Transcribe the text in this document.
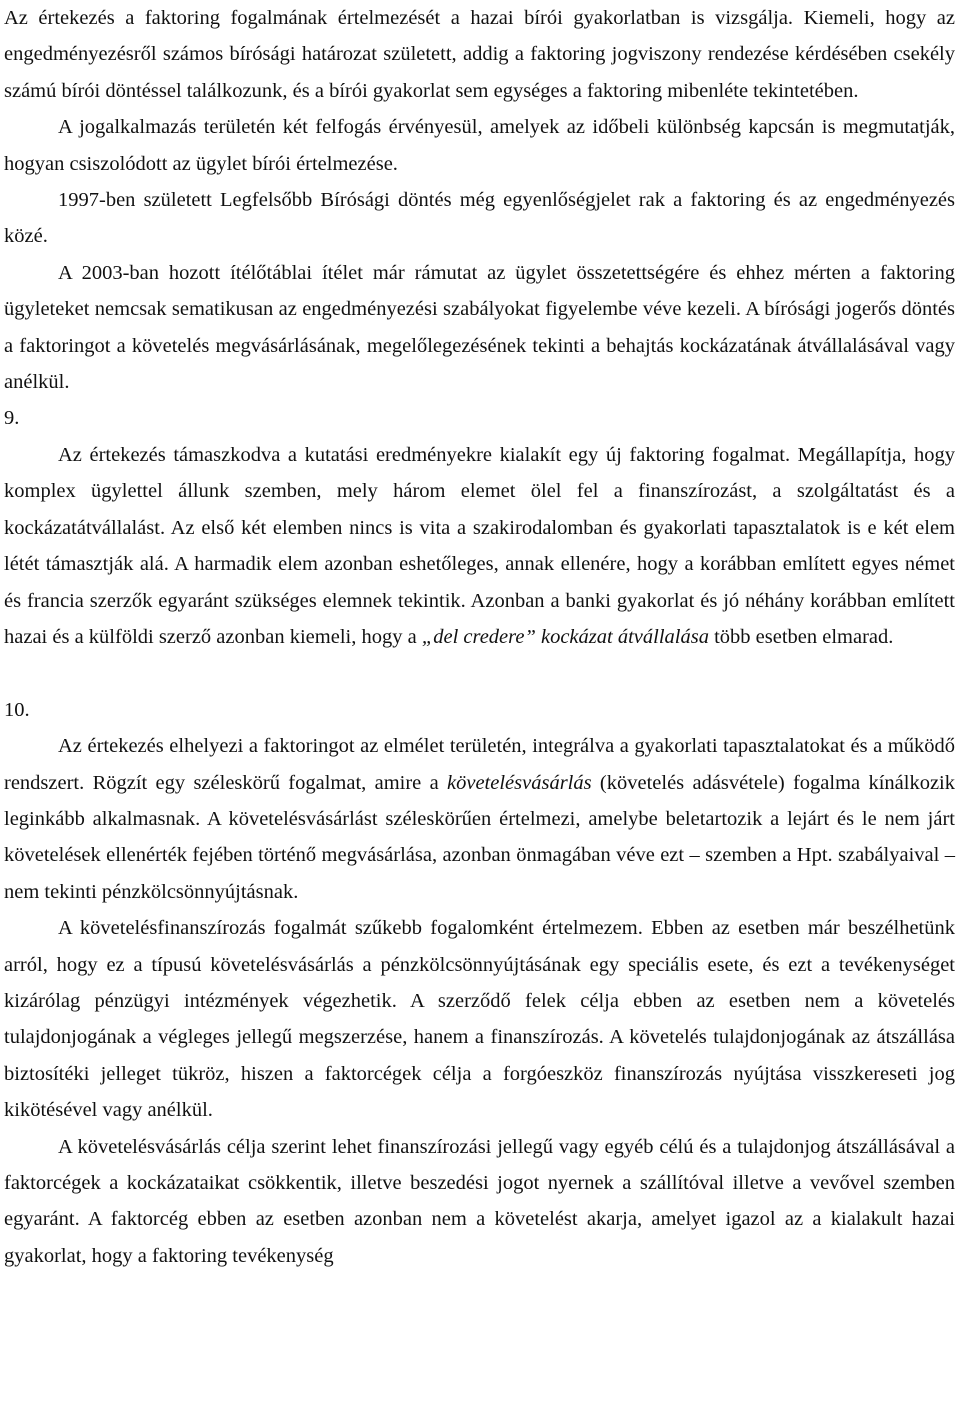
Az értekezés a faktoring fogalmának értelmezését a hazai bírói gyakorlatban is vizsgálja. Kiemeli, hogy az engedményezésről számos bírósági határozat született, addig a faktoring jogviszony rendezése kérdésében csekély számú bírói döntéssel találkozunk, és a bírói gyakorlat sem egységes a faktoring mibenléte tekintetében.

A jogalkalmazás területén két felfogás érvényesül, amelyek az időbeli különbség kapcsán is megmutatják, hogyan csiszolódott az ügylet bírói értelmezése.

1997-ben született Legfelsőbb Bírósági döntés még egyenlőségjelet rak a faktoring és az engedményezés közé.

A 2003-ban hozott ítélőtáblai ítélet már rámutat az ügylet összetettségére és ehhez mérten a faktoring ügyleteket nemcsak sematikusan az engedményezési szabályokat figyelembe véve kezeli. A bírósági jogerős döntés a faktoringot a követelés megvásárlásának, megelőlegezésének tekinti a behajtás kockázatának átvállalásával vagy anélkül.

9.

Az értekezés támaszkodva a kutatási eredményekre kialakít egy új faktoring fogalmat. Megállapítja, hogy komplex ügylettel állunk szemben, mely három elemet ölel fel a finanszírozást, a szolgáltatást és a kockázatátvállalást. Az első két elemben nincs is vita a szakirodalomban és gyakorlati tapasztalatok is e két elem létét támasztják alá. A harmadik elem azonban eshetőleges, annak ellenére, hogy a korábban említett egyes német és francia szerzők egyaránt szükséges elemnek tekintik. Azonban a banki gyakorlat és jó néhány korábban említett hazai és a külföldi szerző azonban kiemeli, hogy a „del credere” kockázat átvállalása több esetben elmarad.

10.

Az értekezés elhelyezi a faktoringot az elmélet területén, integrálva a gyakorlati tapasztalatokat és a működő rendszert. Rögzít egy széleskörű fogalmat, amire a követelésvásárlás (követelés adásvétele) fogalma kínálkozik leginkább alkalmasnak. A követelésvásárlást széleskörűen értelmezi, amelybe beletartozik a lejárt és le nem járt követelések ellenérték fejében történő megvásárlása, azonban önmagában véve ezt – szemben a Hpt. szabályaival – nem tekinti pénzkölcsönnyújtásnak.

A követelésfinanszírozás fogalmát szűkebb fogalomként értelmezem. Ebben az esetben már beszélhetünk arról, hogy ez a típusú követelésvásárlás a pénzkölcsönnyújtásának egy speciális esete, és ezt a tevékenységet kizárólag pénzügyi intézmények végezhetik. A szerződő felek célja ebben az esetben nem a követelés tulajdonjogának a végleges jellegű megszerzése, hanem a finanszírozás. A követelés tulajdonjogának az átszállása biztosítéki jelleget tükröz, hiszen a faktorcégek célja a forgóeszköz finanszírozás nyújtása visszkereseti jog kikötésével vagy anélkül.

A követelésvásárlás célja szerint lehet finanszírozási jellegű vagy egyéb célú és a tulajdonjog átszállásával a faktorcégek a kockázataikat csökkentik, illetve beszedési jogot nyernek a szállítóval illetve a vevővel szemben egyaránt. A faktorcég ebben az esetben azonban nem a követelést akarja, amelyet igazol az a kialakult hazai gyakorlat, hogy a faktoring tevékenység
